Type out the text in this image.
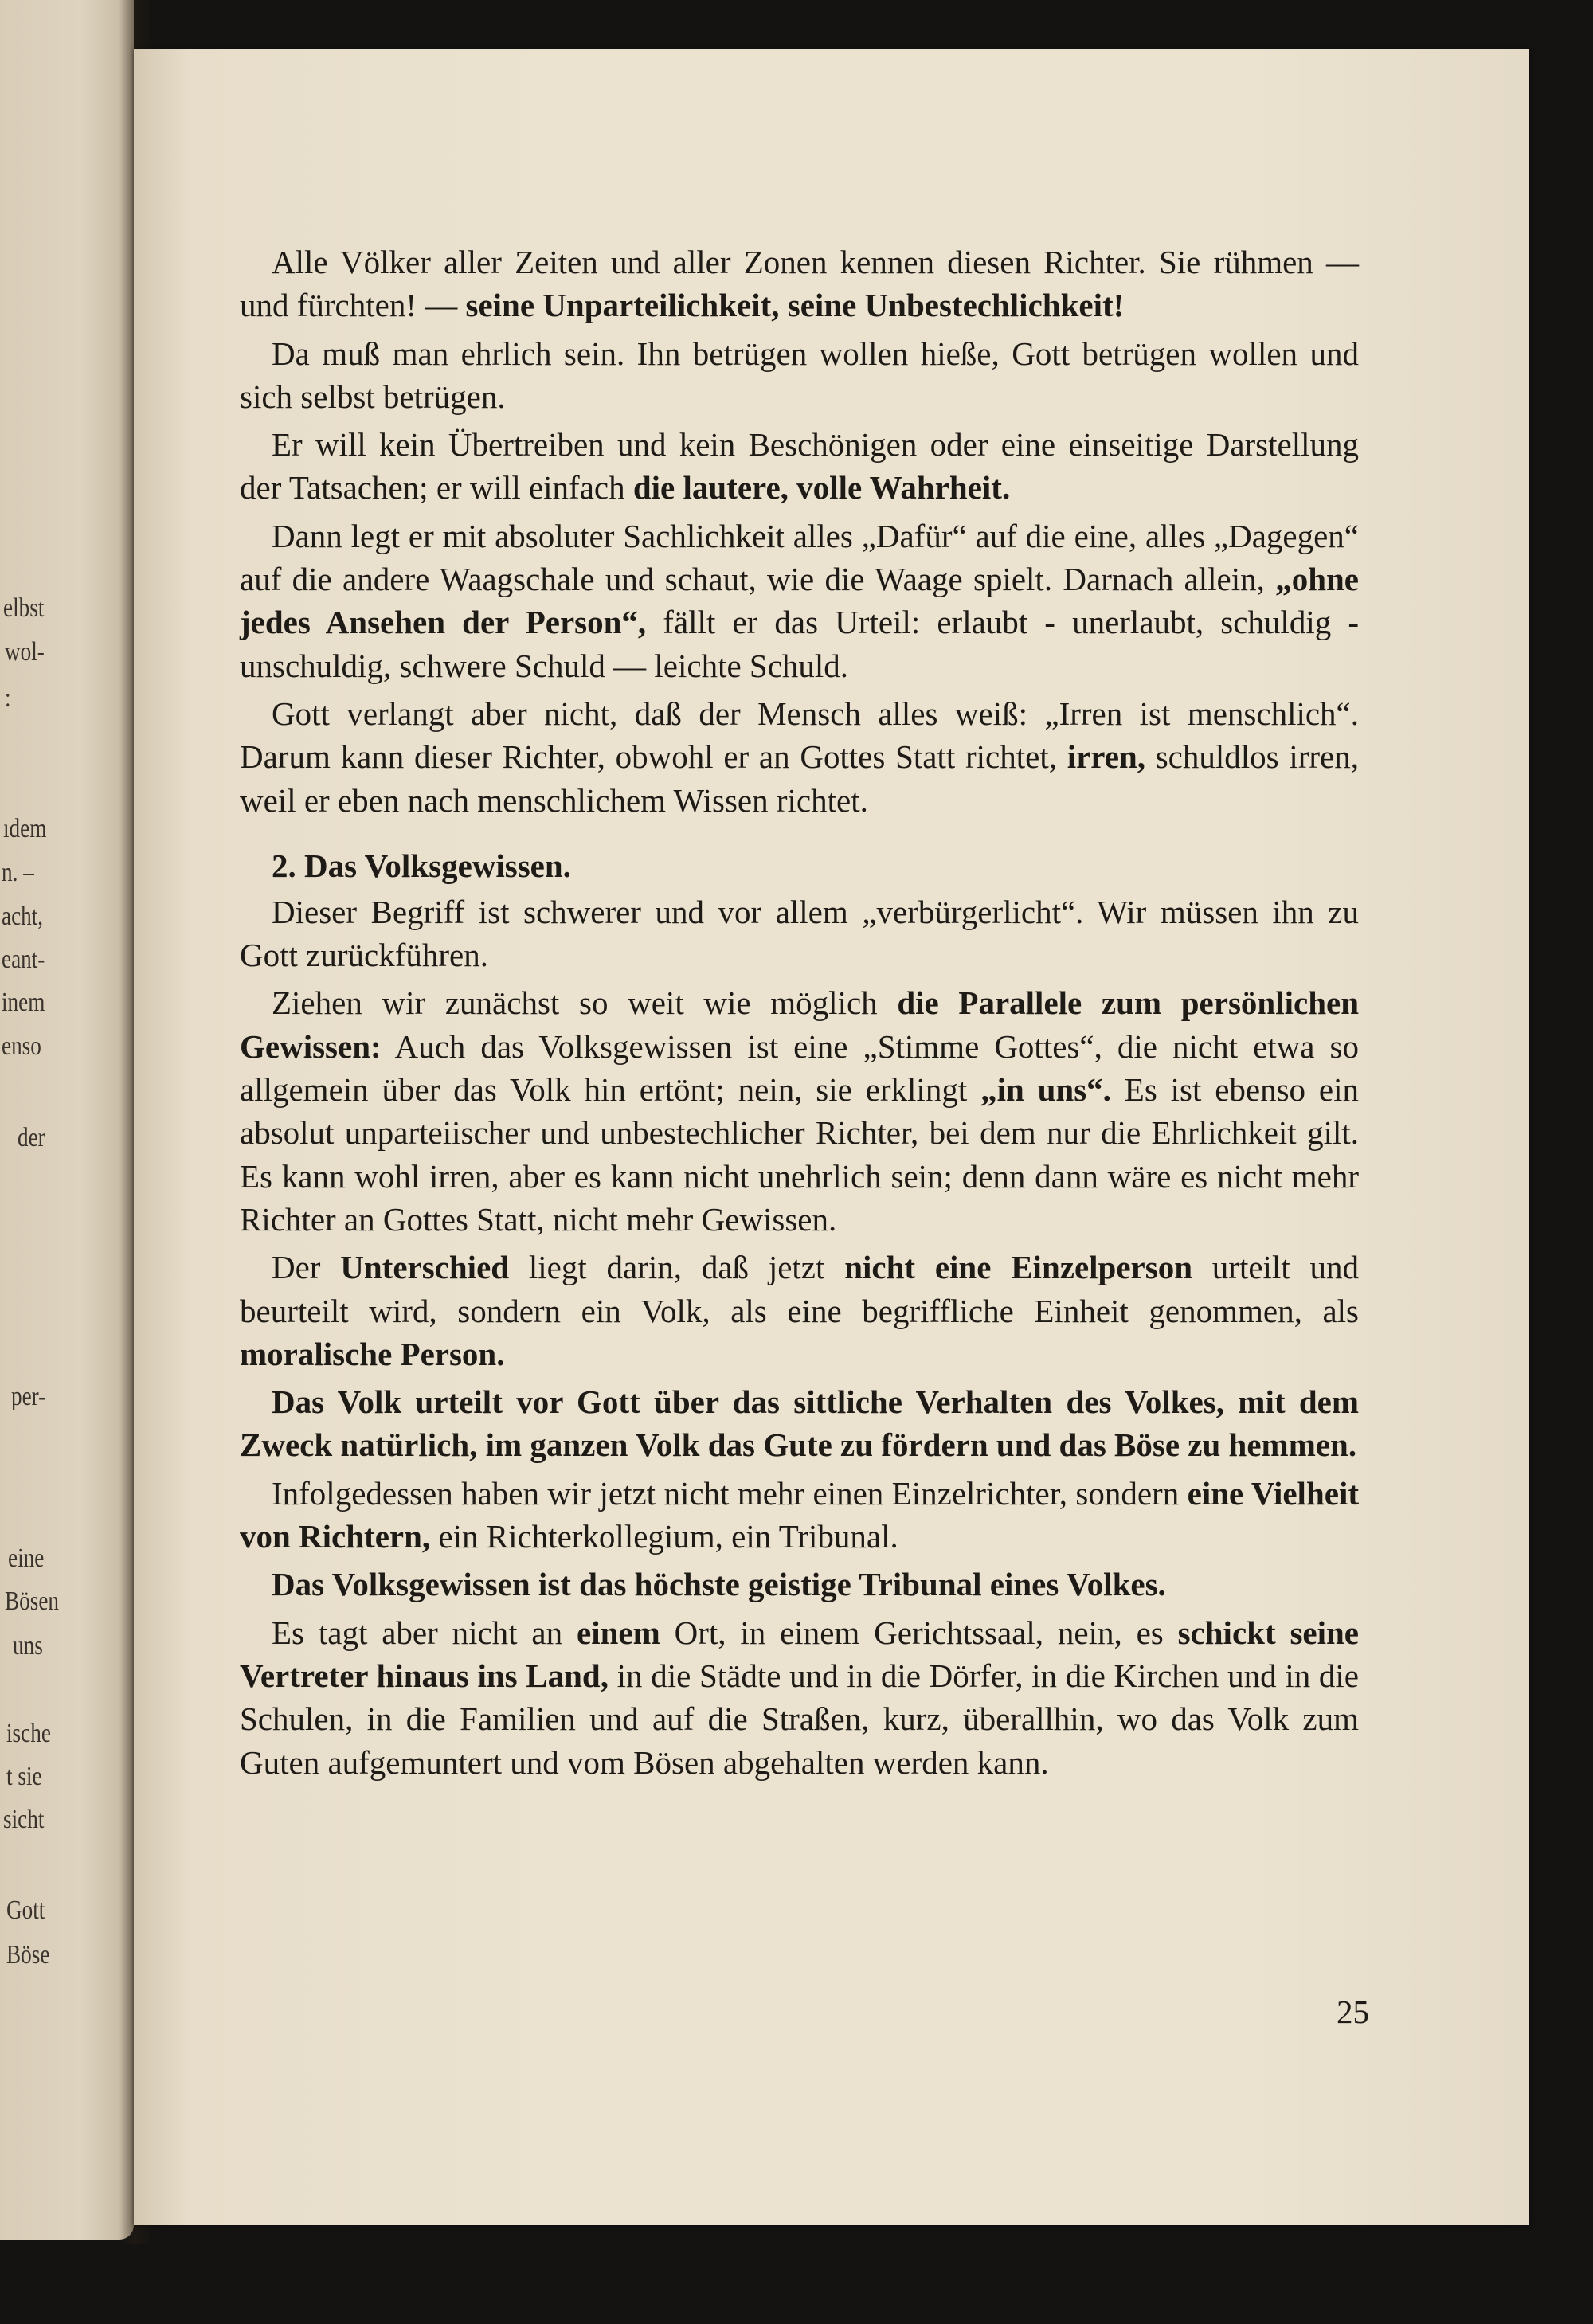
elbst
wol-
:
ıdem
n. –
acht,
eant-
inem
enso
der
per-
eine
Bösen
uns
ische
t sie
sicht
Gott
Böse

Alle Völker aller Zeiten und aller Zonen kennen diesen Richter. Sie rühmen — und fürchten! — seine Unparteilichkeit, seine Unbestechlichkeit!

Da muß man ehrlich sein. Ihn betrügen wollen hieße, Gott betrügen wollen und sich selbst betrügen.

Er will kein Übertreiben und kein Beschönigen oder eine einseitige Darstellung der Tatsachen; er will einfach die lautere, volle Wahrheit.

Dann legt er mit absoluter Sachlichkeit alles „Dafür“ auf die eine, alles „Dagegen“ auf die andere Waagschale und schaut, wie die Waage spielt. Darnach allein, „ohne jedes Ansehen der Person“, fällt er das Urteil: erlaubt - unerlaubt, schuldig - unschuldig, schwere Schuld — leichte Schuld.

Gott verlangt aber nicht, daß der Mensch alles weiß: „Irren ist menschlich“. Darum kann dieser Richter, obwohl er an Gottes Statt richtet, irren, schuldlos irren, weil er eben nach menschlichem Wissen richtet.

2. Das Volksgewissen.

Dieser Begriff ist schwerer und vor allem „verbürgerlicht“. Wir müssen ihn zu Gott zurückführen.

Ziehen wir zunächst so weit wie möglich die Parallele zum persönlichen Gewissen: Auch das Volksgewissen ist eine „Stimme Gottes“, die nicht etwa so allgemein über das Volk hin ertönt; nein, sie erklingt „in uns“. Es ist ebenso ein absolut unparteiischer und unbestechlicher Richter, bei dem nur die Ehrlichkeit gilt. Es kann wohl irren, aber es kann nicht unehrlich sein; denn dann wäre es nicht mehr Richter an Gottes Statt, nicht mehr Gewissen.

Der Unterschied liegt darin, daß jetzt nicht eine Einzelperson urteilt und beurteilt wird, sondern ein Volk, als eine begriffliche Einheit genommen, als moralische Person.

Das Volk urteilt vor Gott über das sittliche Verhalten des Volkes, mit dem Zweck natürlich, im ganzen Volk das Gute zu fördern und das Böse zu hemmen.

Infolgedessen haben wir jetzt nicht mehr einen Einzelrichter, sondern eine Vielheit von Richtern, ein Richterkollegium, ein Tribunal.

Das Volksgewissen ist das höchste geistige Tribunal eines Volkes.

Es tagt aber nicht an einem Ort, in einem Gerichtssaal, nein, es schickt seine Vertreter hinaus ins Land, in die Städte und in die Dörfer, in die Kirchen und in die Schulen, in die Familien und auf die Straßen, kurz, überallhin, wo das Volk zum Guten aufgemuntert und vom Bösen abgehalten werden kann.

25
